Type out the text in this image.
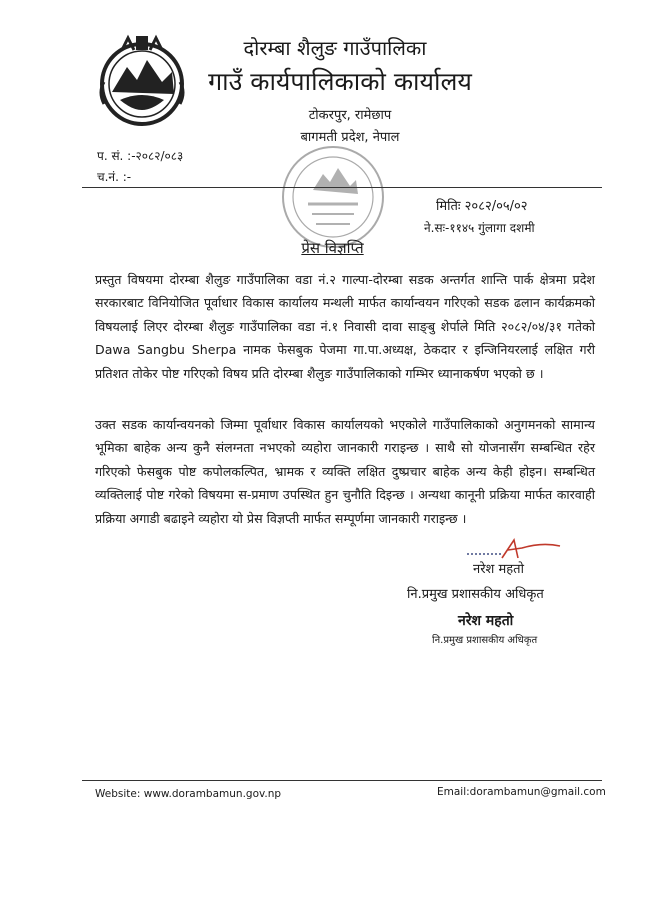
दोरम्बा शैलुङ गाउँपालिका
गाउँ कार्यपालिकाको कार्यालय
टोकरपुर, रामेछाप
बागमती प्रदेश, नेपाल
प. सं. :-२०८२/०८३
च.नं. :-
मितिः २०८२/०५/०२
ने.सः-११४५ गुंलागा दशमी
प्रेस विज्ञप्ति
प्रस्तुत विषयमा दोरम्बा शैलुङ गाउँपालिका वडा नं.२ गाल्पा-दोरम्बा सडक अन्तर्गत शान्ति पार्क क्षेत्रमा प्रदेश सरकारबाट विनियोजित पूर्वाधार विकास कार्यालय मन्थली मार्फत कार्यान्वयन गरिएको सडक ढलान कार्यक्रमको विषयलाई लिएर दोरम्बा शैलुङ गाउँपालिका वडा नं.१ निवासी दावा साङ्बु शेर्पाले मिति २०८२/०४/३१ गतेको Dawa Sangbu Sherpa नामक फेसबुक पेजमा गा.पा.अध्यक्ष, ठेकदार र इन्जिनियरलाई लक्षित गरी प्रतिशत तोकेर पोष्ट गरिएको विषय प्रति दोरम्बा शैलुङ गाउँपालिकाको गम्भिर ध्यानाकर्षण भएको छ ।
उक्त सडक कार्यान्वयनको जिम्मा पूर्वाधार विकास कार्यालयको भएकोले गाउँपालिकाको अनुगमनको सामान्य भूमिका बाहेक अन्य कुनै संलग्नता नभएको व्यहोरा जानकारी गराइन्छ । साथै सो योजनासँग सम्बन्धित रहेर गरिएको फेसबुक पोष्ट कपोलकल्पित, भ्रामक र व्यक्ति लक्षित दुष्प्रचार बाहेक अन्य केही होइन। सम्बन्धित व्यक्तिलाई पोष्ट गरेको विषयमा स-प्रमाण उपस्थित हुन चुनौति दिइन्छ । अन्यथा कानूनी प्रक्रिया मार्फत कारवाही प्रक्रिया अगाडी बढाइने व्यहोरा यो प्रेस विज्ञप्ती मार्फत सम्पूर्णमा जानकारी गराइन्छ ।
नरेश महतो
नि.प्रमुख प्रशासकीय अधिकृत
नरेश महतो
नि.प्रमुख प्रशासकीय अधिकृत
Website: www.dorambamun.gov.np	Email:dorambamun@gmail.com
